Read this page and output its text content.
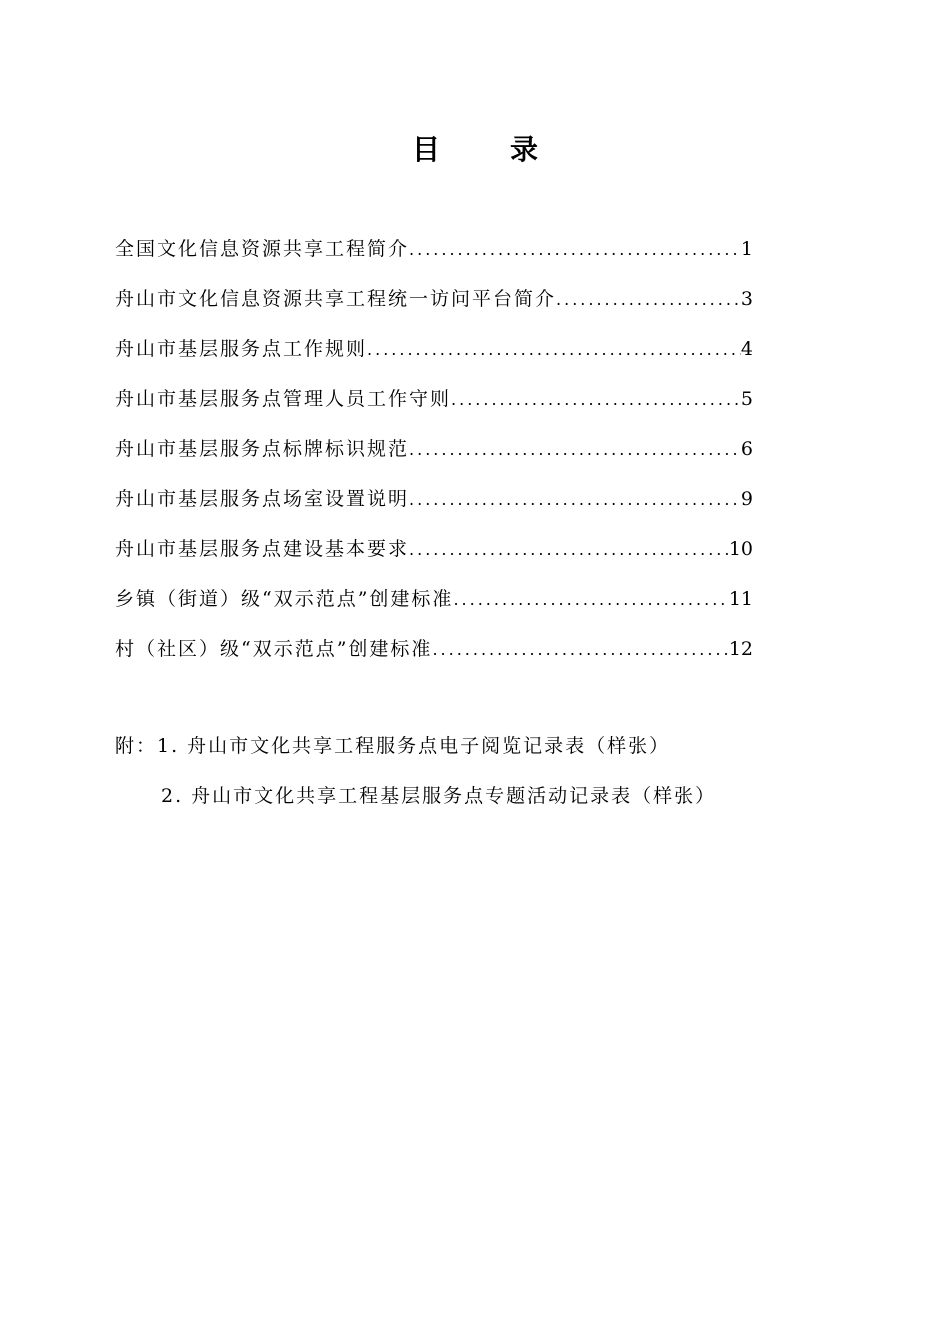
目	录
全国文化信息资源共享工程简介 .....	1
舟山市文化信息资源共享工程统一访问平台简介 .....	3
舟山市基层服务点工作规则 .....	4
舟山市基层服务点管理人员工作守则 .....	5
舟山市基层服务点标牌标识规范 .....	6
舟山市基层服务点场室设置说明 .....	9
舟山市基层服务点建设基本要求 .....	10
乡镇（街道）级“双示范点”创建标准 .....	11
村（社区）级“双示范点”创建标准 .....	12
附：1. 舟山市文化共享工程服务点电子阅览记录表（样张）
2. 舟山市文化共享工程基层服务点专题活动记录表（样张）
